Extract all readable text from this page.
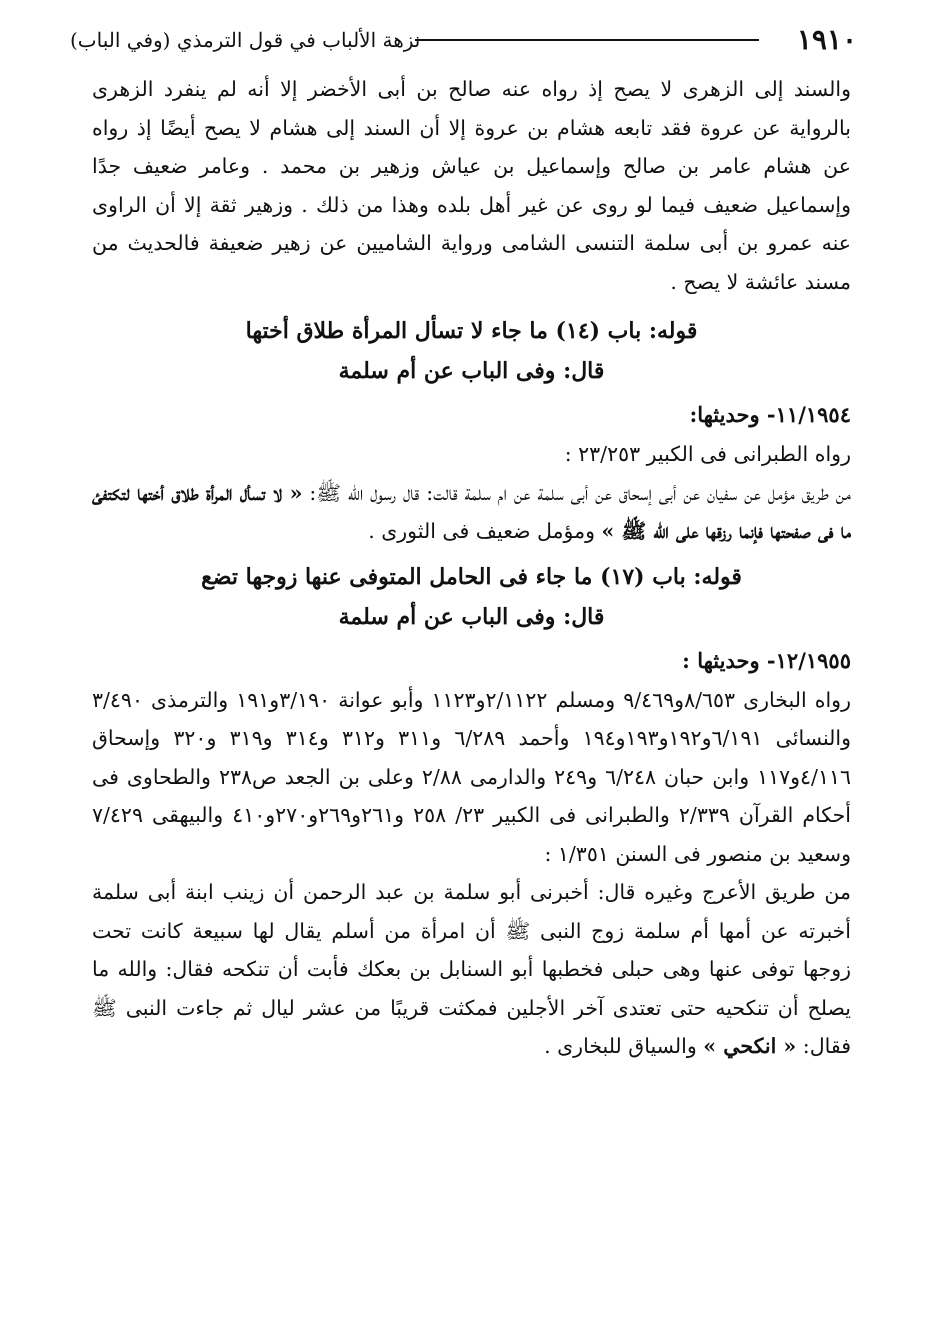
١٩١٠
نزهة الألباب في قول الترمذي (وفي الباب)

والسند إلى الزهرى لا يصح إذ رواه عنه صالح بن أبى الأخضر إلا أنه لم ينفرد الزهرى بالرواية عن عروة فقد تابعه هشام بن عروة إلا أن السند إلى هشام لا يصح أيضًا إذ رواه عن هشام عامر بن صالح وإسماعيل بن عياش وزهير بن محمد . وعامر ضعيف جدًا وإسماعيل ضعيف فيما لو روى عن غير أهل بلده وهذا من ذلك . وزهير ثقة إلا أن الراوى عنه عمرو بن أبى سلمة التنسى الشامى ورواية الشاميين عن زهير ضعيفة فالحديث من مسند عائشة لا يصح .

قوله: باب (١٤) ما جاء لا تسأل المرأة طلاق أختها

قال: وفى الباب عن أم سلمة

١١/١٩٥٤- وحديثها:

رواه الطبرانى فى الكبير ٢٣/٢٥٣ :

من طريق مؤمل عن سفيان عن أبى إسحاق عن أبى سلمة عن ام سلمة قالت: قال رسول الله ﷺ: « لا تسأل المرأة طلاق أختها لتكتفئ ما فى صفحتها فإنما رزقها على الله ﷺ » ومؤمل ضعيف فى الثورى .

قوله: باب (١٧) ما جاء فى الحامل المتوفى عنها زوجها تضع

قال: وفى الباب عن أم سلمة

١٢/١٩٥٥- وحديثها :

رواه البخارى ٨/٦٥٣و٩/٤٦٩ ومسلم ٢/١١٢٢و١١٢٣ وأبو عوانة ٣/١٩٠و١٩١ والترمذى ٣/٤٩٠ والنسائى ٦/١٩١و١٩٢و١٩٣و١٩٤ وأحمد ٦/٢٨٩ و٣١١ و٣١٢ و٣١٤ و٣١٩ و٣٢٠ وإسحاق ٤/١١٦و١١٧ وابن حبان ٦/٢٤٨ و٢٤٩ والدارمى ٢/٨٨ وعلى بن الجعد ص٢٣٨ والطحاوى فى أحكام القرآن ٢/٣٣٩ والطبرانى فى الكبير ٢٣/ ٢٥٨ و٢٦١و٢٦٩و٢٧٠و٤١٠ والبيهقى ٧/٤٢٩ وسعيد بن منصور فى السنن ١/٣٥١ :

من طريق الأعرج وغيره قال: أخبرنى أبو سلمة بن عبد الرحمن أن زينب ابنة أبى سلمة أخبرته عن أمها أم سلمة زوج النبى ﷺ أن امرأة من أسلم يقال لها سبيعة كانت تحت زوجها توفى عنها وهى حبلى فخطبها أبو السنابل بن بعكك فأبت أن تنكحه فقال: والله ما يصلح أن تنكحيه حتى تعتدى آخر الأجلين فمكثت قريبًا من عشر ليال ثم جاءت النبى ﷺ فقال: « انكحي » والسياق للبخارى .
